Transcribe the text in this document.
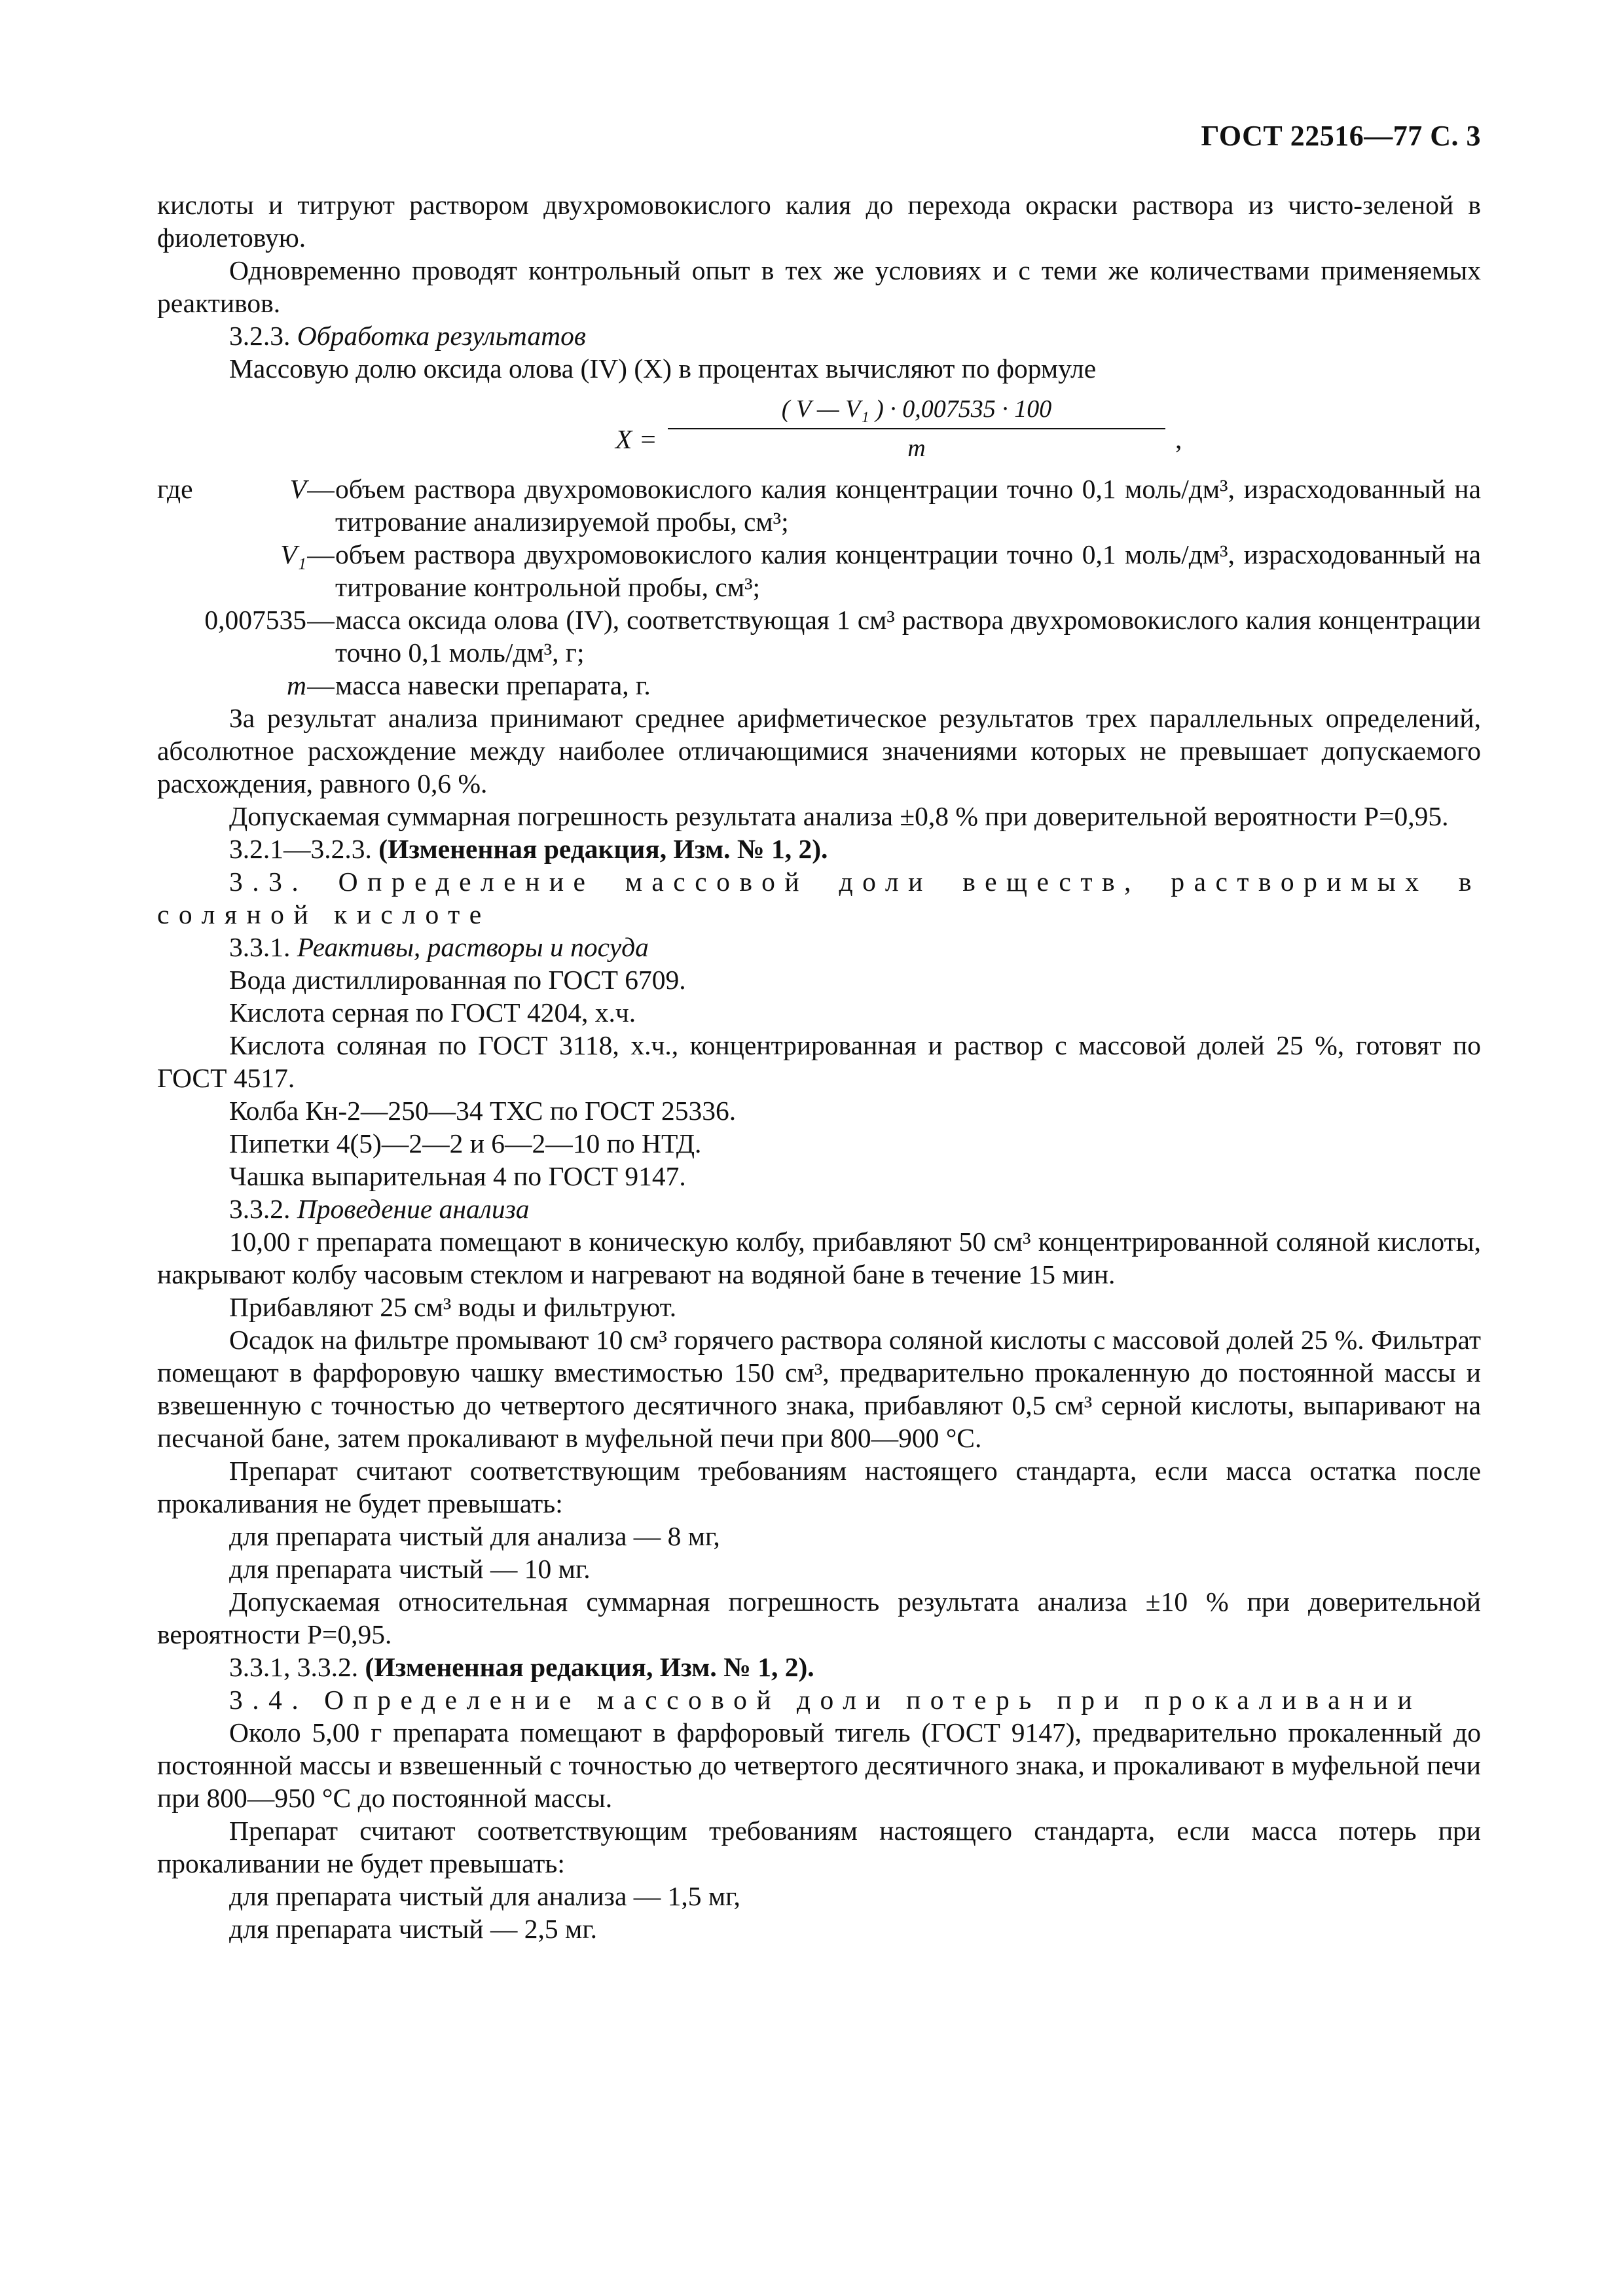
ГОСТ 22516—77 С. 3

кислоты и титруют раствором двухромовокислого калия до перехода окраски раствора из чисто-зеленой в фиолетовую.

Одновременно проводят контрольный опыт в тех же условиях и с теми же количествами применяемых реактивов.

3.2.3. Обработка результатов

Массовую долю оксида олова (IV) (X) в процентах вычисляют по формуле

$X = \frac{\text{( V — V₁ ) · 0,007535 · 100}}{m}$ ,
где	V — объем раствора двухромовокислого калия концентрации точно 0,1 моль/дм³, израсходованный на титрование анализируемой пробы, см³;
V₁ — объем раствора двухромовокислого калия концентрации точно 0,1 моль/дм³, израсходованный на титрование контрольной пробы, см³;
0,007535 — масса оксида олова (IV), соответствующая 1 см³ раствора двухромовокислого калия концентрации точно 0,1 моль/дм³, г;
m — масса навески препарата, г.

За результат анализа принимают среднее арифметическое результатов трех параллельных определений, абсолютное расхождение между наиболее отличающимися значениями которых не превышает допускаемого расхождения, равного 0,6 %.

Допускаемая суммарная погрешность результата анализа ±0,8 % при доверительной вероятности P=0,95.

3.2.1—3.2.3. (Измененная редакция, Изм. № 1, 2).

3.3. Определение массовой доли веществ, растворимых в соляной кислоте

3.3.1. Реактивы, растворы и посуда

Вода дистиллированная по ГОСТ 6709.

Кислота серная по ГОСТ 4204, х.ч.

Кислота соляная по ГОСТ 3118, х.ч., концентрированная и раствор с массовой долей 25 %, готовят по ГОСТ 4517.

Колба Кн-2—250—34 ТХС по ГОСТ 25336.

Пипетки 4(5)—2—2 и 6—2—10 по НТД.

Чашка выпарительная 4 по ГОСТ 9147.

3.3.2. Проведение анализа

10,00 г препарата помещают в коническую колбу, прибавляют 50 см³ концентрированной соляной кислоты, накрывают колбу часовым стеклом и нагревают на водяной бане в течение 15 мин.

Прибавляют 25 см³ воды и фильтруют.

Осадок на фильтре промывают 10 см³ горячего раствора соляной кислоты с массовой долей 25 %. Фильтрат помещают в фарфоровую чашку вместимостью 150 см³, предварительно прокаленную до постоянной массы и взвешенную с точностью до четвертого десятичного знака, прибавляют 0,5 см³ серной кислоты, выпаривают на песчаной бане, затем прокаливают в муфельной печи при 800—900 °С.

Препарат считают соответствующим требованиям настоящего стандарта, если масса остатка после прокаливания не будет превышать:

для препарата чистый для анализа — 8 мг,

для препарата чистый — 10 мг.

Допускаемая относительная суммарная погрешность результата анализа ±10 % при доверительной вероятности P=0,95.

3.3.1, 3.3.2. (Измененная редакция, Изм. № 1, 2).

3.4. Определение массовой доли потерь при прокаливании

Около 5,00 г препарата помещают в фарфоровый тигель (ГОСТ 9147), предварительно прокаленный до постоянной массы и взвешенный с точностью до четвертого десятичного знака, и прокаливают в муфельной печи при 800—950 °С до постоянной массы.

Препарат считают соответствующим требованиям настоящего стандарта, если масса потерь при прокаливании не будет превышать:

для препарата чистый для анализа — 1,5 мг,

для препарата чистый — 2,5 мг.
